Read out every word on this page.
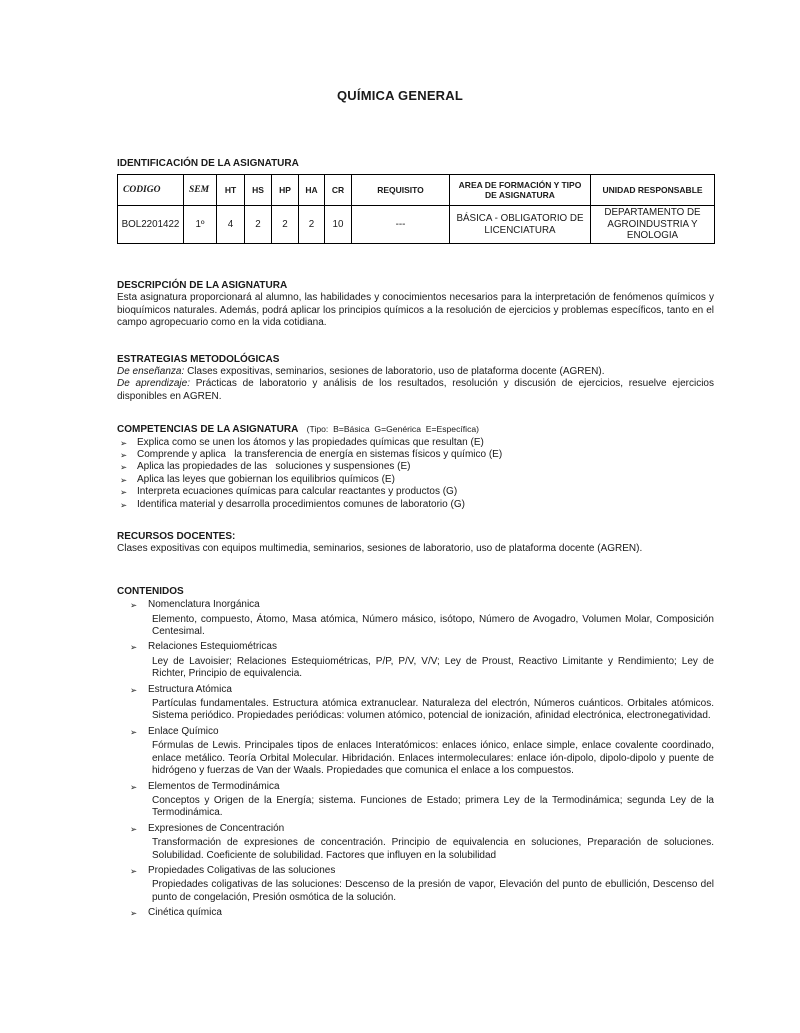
QUÍMICA GENERAL
IDENTIFICACIÓN DE LA ASIGNATURA
CODIGO	SEM	HT	HS	HP	HA	CR	REQUISITO	AREA DE FORMACIÓN Y TIPO DE ASIGNATURA	UNIDAD RESPONSABLE
BOL2201422	1º	4	2	2	2	10	---	BÁSICA - OBLIGATORIO DE LICENCIATURA	DEPARTAMENTO DE AGROINDUSTRIA Y ENOLOGIA
DESCRIPCIÓN DE LA ASIGNATURA

Esta asignatura proporcionará al alumno, las habilidades y conocimientos necesarios para la interpretación de fenómenos químicos y bioquímicos naturales. Además, podrá aplicar los principios químicos a la resolución de ejercicios y problemas específicos, tanto en el campo agropecuario como en la vida cotidiana.

ESTRATEGIAS METODOLÓGICAS

De enseñanza: Clases expositivas, seminarios, sesiones de laboratorio, uso de plataforma docente (AGREN).

De aprendizaje: Prácticas de laboratorio y análisis de los resultados, resolución y discusión de ejercicios, resuelve ejercicios disponibles en AGREN.

COMPETENCIAS DE LA ASIGNATURA (Tipo:  B=Básica  G=Genérica  E=Específica)
➢ Explica como se unen los átomos y las propiedades químicas que resultan (E)
➢ Comprende y aplica   la transferencia de energía en sistemas físicos y químico (E)
➢ Aplica las propiedades de las   soluciones y suspensiones (E)
➢ Aplica las leyes que gobiernan los equilibrios químicos (E)
➢ Interpreta ecuaciones químicas para calcular reactantes y productos (G)
➢ Identifica material y desarrolla procedimientos comunes de laboratorio (G)
RECURSOS DOCENTES:

Clases expositivas con equipos multimedia, seminarios, sesiones de laboratorio, uso de plataforma docente (AGREN).

CONTENIDOS
➢ Nomenclatura Inorgánica

Elemento, compuesto, Átomo, Masa atómica, Número másico, isótopo, Número de Avogadro, Volumen Molar, Composición Centesimal.

➢ Relaciones Estequiométricas

Ley de Lavoisier; Relaciones Estequiométricas, P/P, P/V, V/V; Ley de Proust, Reactivo Limitante y Rendimiento; Ley de Richter, Principio de equivalencia.

➢ Estructura Atómica

Partículas fundamentales. Estructura atómica extranuclear. Naturaleza del electrón, Números cuánticos. Orbitales atómicos. Sistema periódico. Propiedades periódicas: volumen atómico, potencial de ionización, afinidad electrónica, electronegatividad.

➢ Enlace Químico

Fórmulas de Lewis. Principales tipos de enlaces Interatómicos: enlaces iónico, enlace simple, enlace covalente coordinado, enlace metálico. Teoría Orbital Molecular. Hibridación. Enlaces intermoleculares: enlace ión-dipolo, dipolo-dipolo y puente de hidrógeno y fuerzas de Van der Waals. Propiedades que comunica el enlace a los compuestos.

➢ Elementos de Termodinámica

Conceptos y Origen de la Energía; sistema. Funciones de Estado; primera Ley de la Termodinámica; segunda Ley de la Termodinámica.

➢ Expresiones de Concentración

Transformación de expresiones de concentración. Principio de equivalencia en soluciones, Preparación de soluciones. Solubilidad. Coeficiente de solubilidad. Factores que influyen en la solubilidad

➢ Propiedades Coligativas de las soluciones

Propiedades coligativas de las soluciones: Descenso de la presión de vapor, Elevación del punto de ebullición, Descenso del punto de congelación, Presión osmótica de la solución.

➢ Cinética química
